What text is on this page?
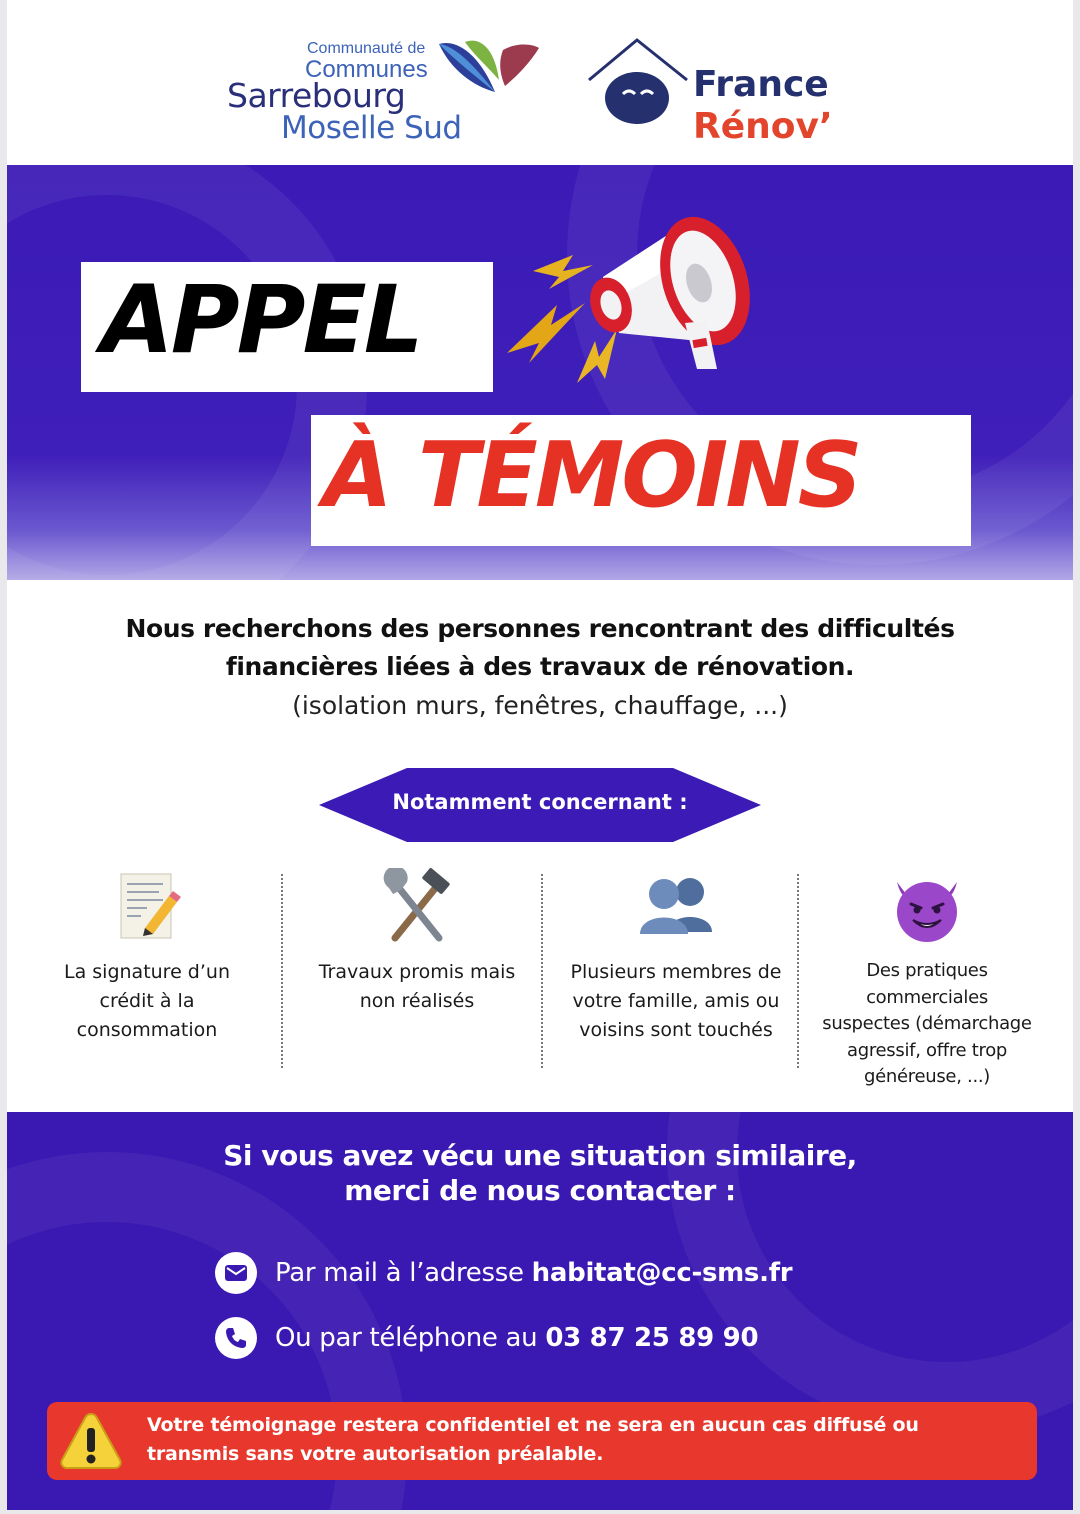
Communauté de
Communes
Sarrebourg
Moselle Sud
France
Rénov’
APPEL
À TÉMOINS
Nous recherchons des personnes rencontrant des difficultés
financières liées à des travaux de rénovation.
(isolation murs, fenêtres, chauffage, ...)
Notamment concernant :
La signature d’un
crédit à la
consommation
Travaux promis mais
non réalisés
Plusieurs membres de
votre famille, amis ou
voisins sont touchés
Des pratiques
commerciales
suspectes (démarchage
agressif, offre trop
généreuse, ...)
Si vous avez vécu une situation similaire,
merci de nous contacter :
Par mail à l’adresse habitat@cc-sms.fr
Ou par téléphone au 03 87 25 89 90
Votre témoignage restera confidentiel et ne sera en aucun cas diffusé ou
transmis sans votre autorisation préalable.
